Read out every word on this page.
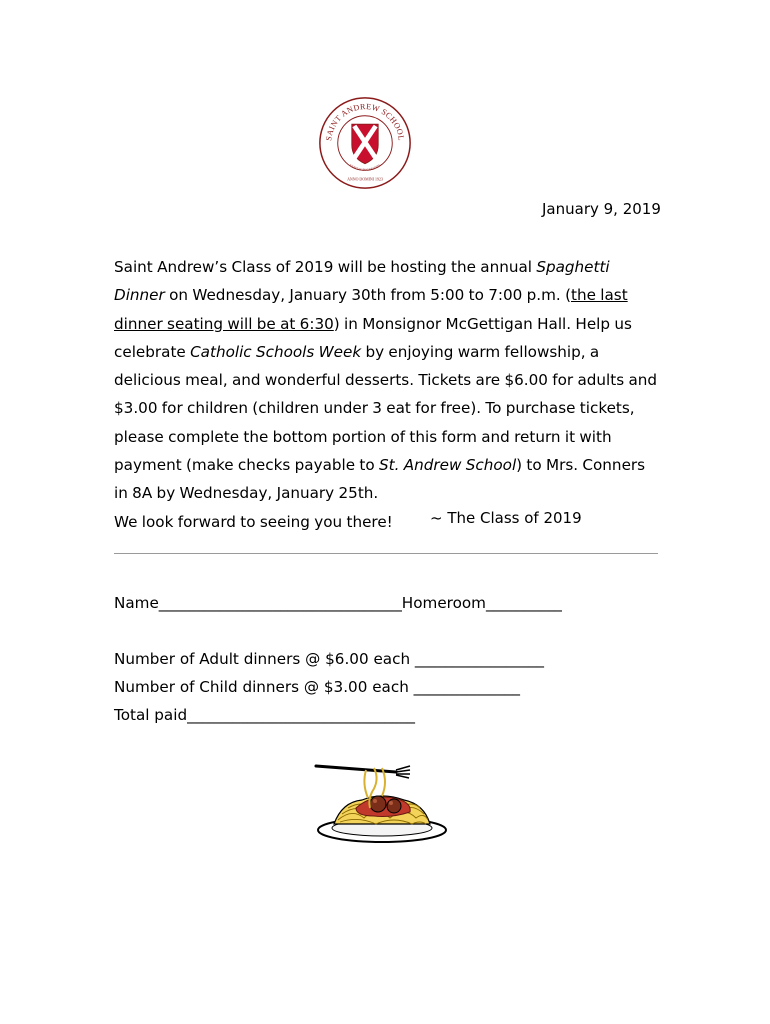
SAINT ANDREW SCHOOL
VERITAS IN CARITATE
ANNO DOMINI 1923
January 9, 2019

Saint Andrew’s Class of 2019 will be hosting the annual Spaghetti Dinner on Wednesday, January 30th from 5:00 to 7:00 p.m. (the last dinner seating will be at 6:30) in Monsignor McGettigan Hall. Help us celebrate Catholic Schools Week by enjoying warm fellowship, a delicious meal, and wonderful desserts. Tickets are $6.00 for adults and $3.00 for children (children under 3 eat for free). To purchase tickets, please complete the bottom portion of this form and return it with payment (make checks payable to St. Andrew School) to Mrs. Conners in 8A by Wednesday, January 25th.

We look forward to seeing you there!	~ The Class of 2019
Name________________________________Homeroom__________
Number of Adult dinners @ $6.00 each _________________
Number of Child dinners @ $3.00 each ______________
Total paid______________________________
